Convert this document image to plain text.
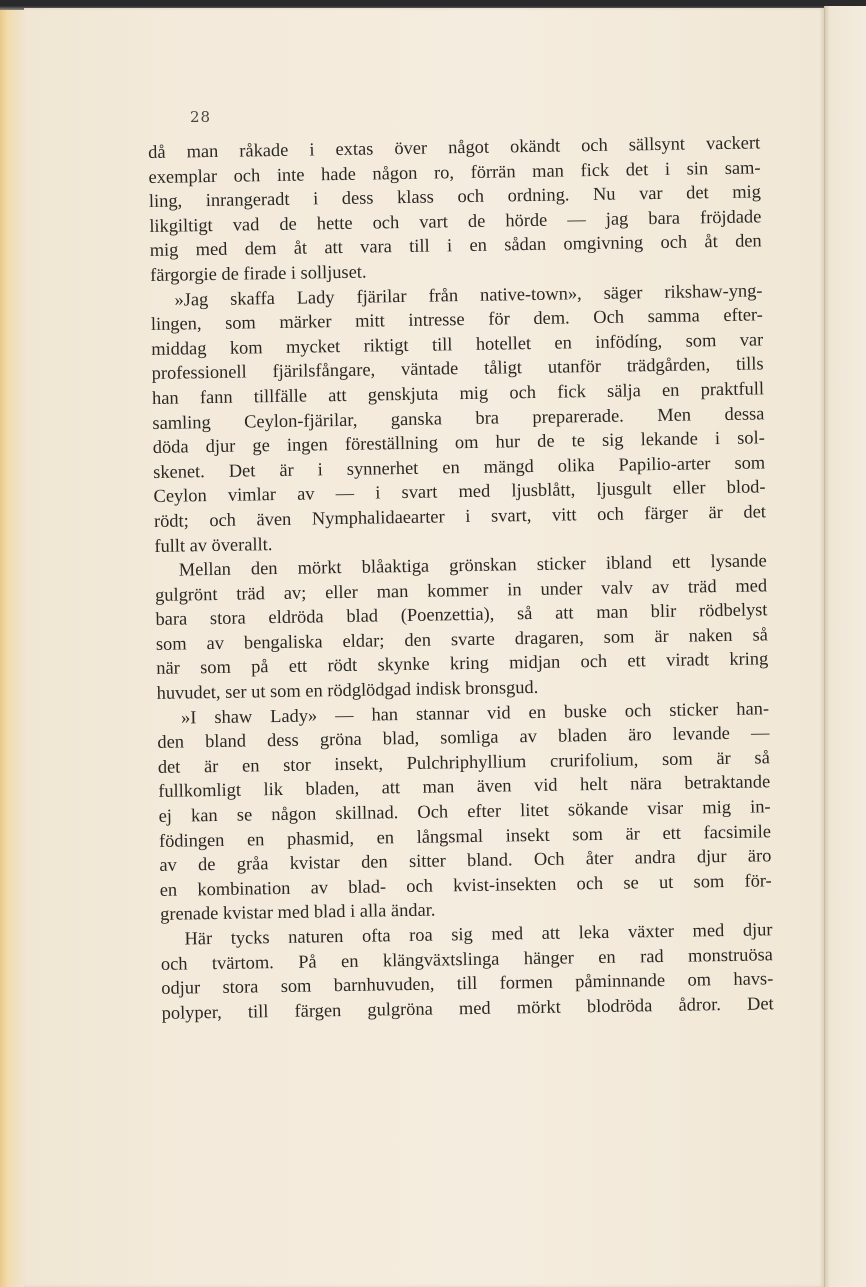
28
då man råkade i extas över något okändt och sällsynt vackert
exemplar och inte hade någon ro, förrän man fick det i sin sam-
ling, inrangeradt i dess klass och ordning. Nu var det mig
likgiltigt vad de hette och vart de hörde — jag bara fröjdade
mig med dem åt att vara till i en sådan omgivning och åt den
färgorgie de firade i solljuset.
»Jag skaffa Lady fjärilar från native-town», säger rikshaw-yng-
lingen, som märker mitt intresse för dem. Och samma efter-
middag kom mycket riktigt till hotellet en infödíng, som var
professionell fjärilsfångare, väntade tåligt utanför trädgården, tills
han fann tillfälle att genskjuta mig och fick sälja en praktfull
samling Ceylon-fjärilar, ganska bra preparerade. Men dessa
döda djur ge ingen föreställning om hur de te sig lekande i sol-
skenet. Det är i synnerhet en mängd olika Papilio-arter som
Ceylon vimlar av — i svart med ljusblått, ljusgult eller blod-
rödt; och även Nymphalidaearter i svart, vitt och färger är det
fullt av överallt.
Mellan den mörkt blåaktiga grönskan sticker ibland ett lysande
gulgrönt träd av; eller man kommer in under valv av träd med
bara stora eldröda blad (Poenzettia), så att man blir rödbelyst
som av bengaliska eldar; den svarte dragaren, som är naken så
när som på ett rödt skynke kring midjan och ett viradt kring
huvudet, ser ut som en rödglödgad indisk bronsgud.
»I shaw Lady» — han stannar vid en buske och sticker han-
den bland dess gröna blad, somliga av bladen äro levande —
det är en stor insekt, Pulchriphyllium crurifolium, som är så
fullkomligt lik bladen, att man även vid helt nära betraktande
ej kan se någon skillnad. Och efter litet sökande visar mig in-
födingen en phasmid, en långsmal insekt som är ett facsimile
av de gråa kvistar den sitter bland. Och åter andra djur äro
en kombination av blad- och kvist-insekten och se ut som för-
grenade kvistar med blad i alla ändar.
Här tycks naturen ofta roa sig med att leka växter med djur
och tvärtom. På en klängväxtslinga hänger en rad monstruösa
odjur stora som barnhuvuden, till formen påminnande om havs-
polyper, till färgen gulgröna med mörkt blodröda ådror. Det
